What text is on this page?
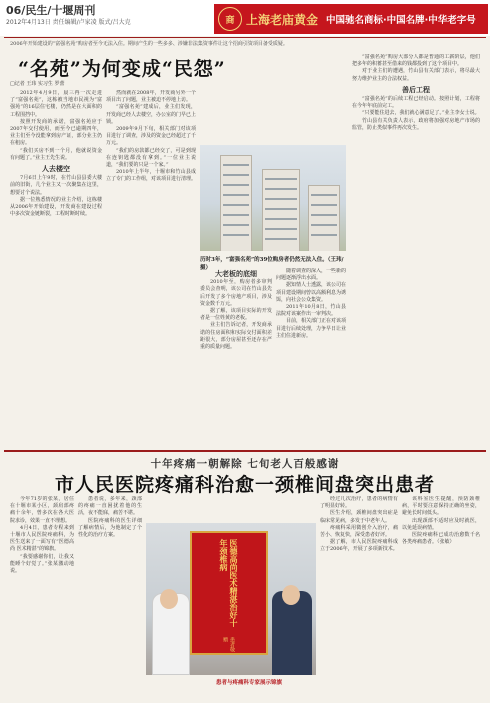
06/民生/十堰周刊
2012年4月13日 责任编辑/卢家凌 版式/吕大克	商 上海老庙黄金 中国驰名商标·中国名牌·中华老字号
2006年开始建设的“富强名苑”购房者至今无法入住。期间产生的一些多多、涉嫌非法集资事件让这个招商引资项目备受质疑。
“名苑”为何变成“民怨”
□记者 王玮 实习生 罗蕾

2012年4月9日，晨三再一次走进了“富强名苑”，这栋被当地市民视为“富强苑”的16层住宅楼，仍然是在大面积的工程围挡中。

按照开发商的承诺，富强名苑应于2007年交付使用，而至今已逾期四年，业主们至今没能拿到房产证，部分业主仍在租房。

“我们买房不到一个月，他就说资金有问题了。”业主王先生说。

人去楼空

7月6日上午9时，在竹山县县委大楼前的旧街，几个业主又一次聚集在这里，想要讨个说法。

据一位熟悉情况的业主介绍，这栋楼从2006年开始建设，开发商在建设过程中多次资金链断裂，工程时断时续。

然而就在2008年，开发商另外一个项目出了问题，业主被迫不停地上访。

“富强名苑”建成后，业主们发现，开发商已经人去楼空，办公室的门早已上锁。

2009年9月下旬，相关部门对该项目进行了调查，涉及的资金已经超过了千万元。

“我们的房款都已经交了，可是到现在连钥匙都没有拿到。”一位业主说道，“我们要的只是一个家。”

2010年上半年，十堰市和竹山县成立了专门的工作组，对该项目进行清理。

历时3年，“富强名苑”的39位购房者仍然无法入住。（王玮/摄）

大老板的底细

2010年至，购房者多审判委员会查明，该公司在竹山县先后开发了多个房地产项目，涉及资金数千万元。

据了解，该项目实际的开发者是一位姓黄的老板。

业主们告诉记者，开发商承诺的住房面积和实际交付面积差距很大，部分房屋甚至还存在严重的质量问题。

随着调查的深入，一些新的问题逐渐浮出水面。

据知情人士透露，该公司在项目建设期间曾以高额利息为诱饵，向社会公众集资。

2011年10月8日，竹山县法院对该案作出一审判决。

目前，相关部门正在对该项目进行后续处理，力争早日让业主们住进新房。

“富强名苑”购房大部分人都是普通的工薪阶层，他们把多年的积蓄甚至借来的钱都投到了这个项目中。

对于业主们的遭遇，竹山县有关部门表示，将尽最大努力维护业主的合法权益。

善后工程

“富强名苑”的后续工程已经启动。按照计划，工程将在今年年底前完工。

“只要能住进去，我们就心满意足了。”业主李女士说。

竹山县有关负责人表示，政府将加强对房地产市场的监管，防止类似事件再次发生。

十年疼痛一朝解除 七旬老人百般感谢
市人民医院疼痛科治愈一颈椎间盘突出患者

今年71岁的张某，居住在十堰市某小区，颈肩部疼痛十余年，曾多次在各大医院求诊，效果一直不理想。

4月4日，患者专程来到十堰市人民医院疼痛科，为医生送来了一面写有“医德高尚 医术精湛”的锦旗。

“我要感谢你们，让我又能睡个好觉了。”张某激动地说。

患者说，多年来，颈部的疼痛一直困扰着他的生活，夜不能寐，痛苦不堪。

医院疼痛科的医生详细了解病情后，为他制定了个性化的治疗方案。

医德高尚医术精湛治好十年颈椎病
患者敬赠
患者与疼痛科专家展示锦旗

经过几次治疗，患者的病情有了明显好转。

医生介绍，颈椎间盘突出症是临床常见病，多发于中老年人。

疼痛科采用微创介入治疗，痛苦小、恢复快，深受患者好评。

据了解，市人民医院疼痛科成立于2006年，开展了多项新技术。

该科室医生提醒，预防颈椎病，平时要注意保持正确的坐姿，避免长时间低头。

出现颈部不适时应及时就医，以免延误病情。

医院疼痛科已成功治愈数千名各类疼痛患者。（张敏）
